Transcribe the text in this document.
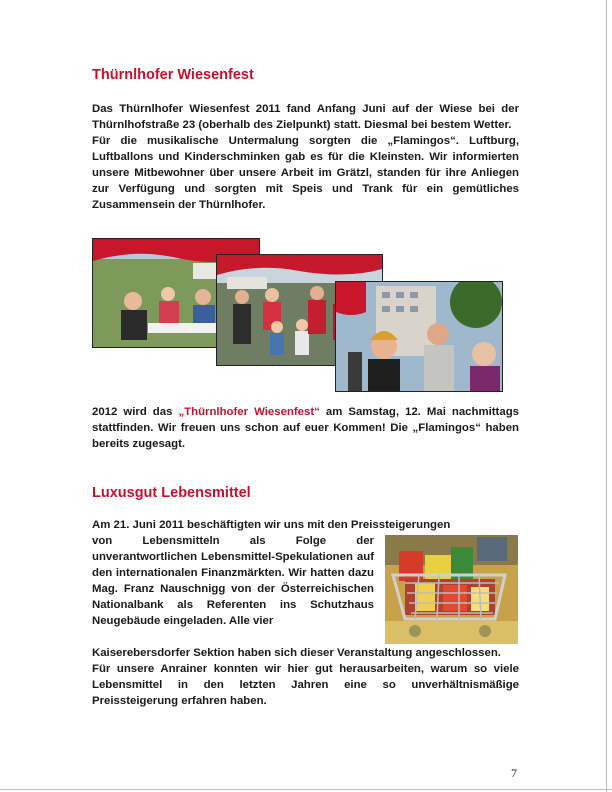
Thürnlhofer Wiesenfest

Das Thürnlhofer Wiesenfest 2011 fand Anfang Juni auf der Wiese bei der Thürnlhofstraße 23 (oberhalb des Zielpunkt) statt. Diesmal bei bestem Wetter.

Für die musikalische Untermalung sorgten die „Flamingos“. Luftburg, Luftballons und Kinderschminken gab es für die Kleinsten. Wir informierten unsere Mitbewohner über unsere Arbeit im Grätzl, standen für ihre Anliegen zur Verfügung und sorgten mit Speis und Trank für ein gemütliches Zusammensein der Thürnlhofer.

2012 wird das „Thürnlhofer Wiesenfest“ am Samstag, 12. Mai nachmittags stattfinden. Wir freuen uns schon auf euer Kommen! Die „Flamingos“ haben bereits zugesagt.

Luxusgut Lebensmittel

Am 21. Juni 2011 beschäftigten wir uns mit den Preissteigerungen

von Lebensmitteln als Folge der unverantwortlichen Lebensmittel-Spekulationen auf den internationalen Finanzmärkten. Wir hatten dazu Mag. Franz Nauschnigg von der Österreichischen Nationalbank als Referenten ins Schutzhaus Neugebäude eingeladen. Alle vier

Kaiserebersdorfer Sektion haben sich dieser Veranstaltung angeschlossen.

Für unsere Anrainer konnten wir hier gut herausarbeiten, warum so viele Lebensmittel in den letzten Jahren eine so unverhältnismäßige Preissteigerung erfahren haben.

7
